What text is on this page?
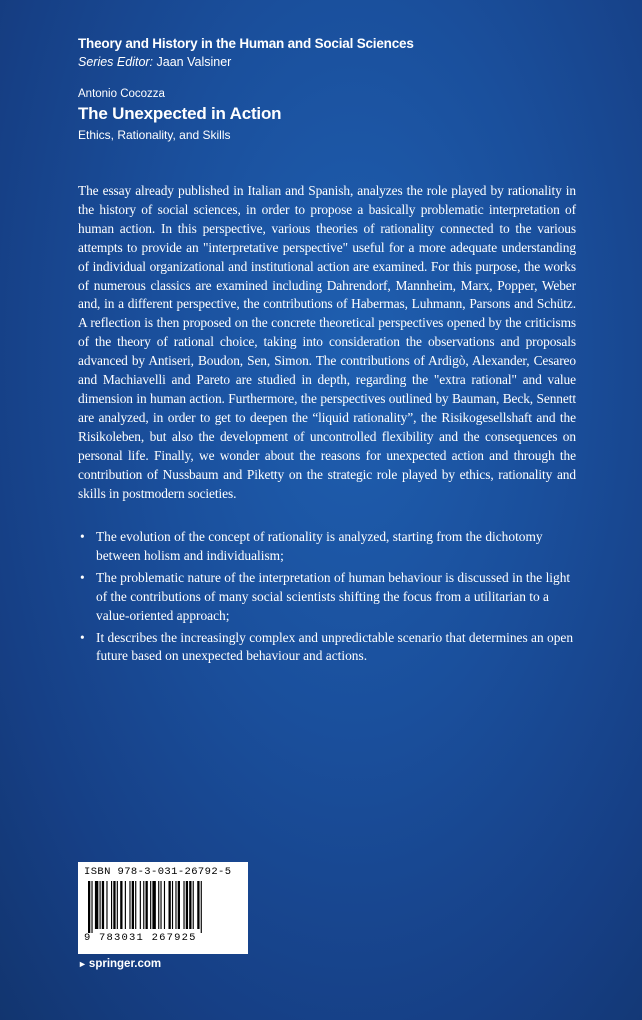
Theory and History in the Human and Social Sciences
Series Editor: Jaan Valsiner
Antonio Cocozza
The Unexpected in Action
Ethics, Rationality, and Skills
The essay already published in Italian and Spanish, analyzes the role played by rationality in the history of social sciences, in order to propose a basically problematic interpretation of human action. In this perspective, various theories of rationality connected to the various attempts to provide an "interpretative perspective" useful for a more adequate understanding of individual organizational and institutional action are examined. For this purpose, the works of numerous classics are examined including Dahrendorf, Mannheim, Marx, Popper, Weber and, in a different perspective, the contributions of Habermas, Luhmann, Parsons and Schütz. A reflection is then proposed on the concrete theoretical perspectives opened by the criticisms of the theory of rational choice, taking into consideration the observations and proposals advanced by Antiseri, Boudon, Sen, Simon. The contributions of Ardigò, Alexander, Cesareo and Machiavelli and Pareto are studied in depth, regarding the "extra rational" and value dimension in human action. Furthermore, the perspectives outlined by Bauman, Beck, Sennett are analyzed, in order to get to deepen the “liquid rationality”, the Risikogesellshaft and the Risikoleben, but also the development of uncontrolled flexibility and the consequences on personal life. Finally, we wonder about the reasons for unexpected action and through the contribution of Nussbaum and Piketty on the strategic role played by ethics, rationality and skills in postmodern societies.
• The evolution of the concept of rationality is analyzed, starting from the dichotomy between holism and individualism;
• The problematic nature of the interpretation of human behaviour is discussed in the light of the contributions of many social scientists shifting the focus from a utilitarian to a value-oriented approach;
• It describes the increasingly complex and unpredictable scenario that determines an open future based on unexpected behaviour and actions.
ISBN 978-3-031-26792-5
9 783031 267925
► springer.com
